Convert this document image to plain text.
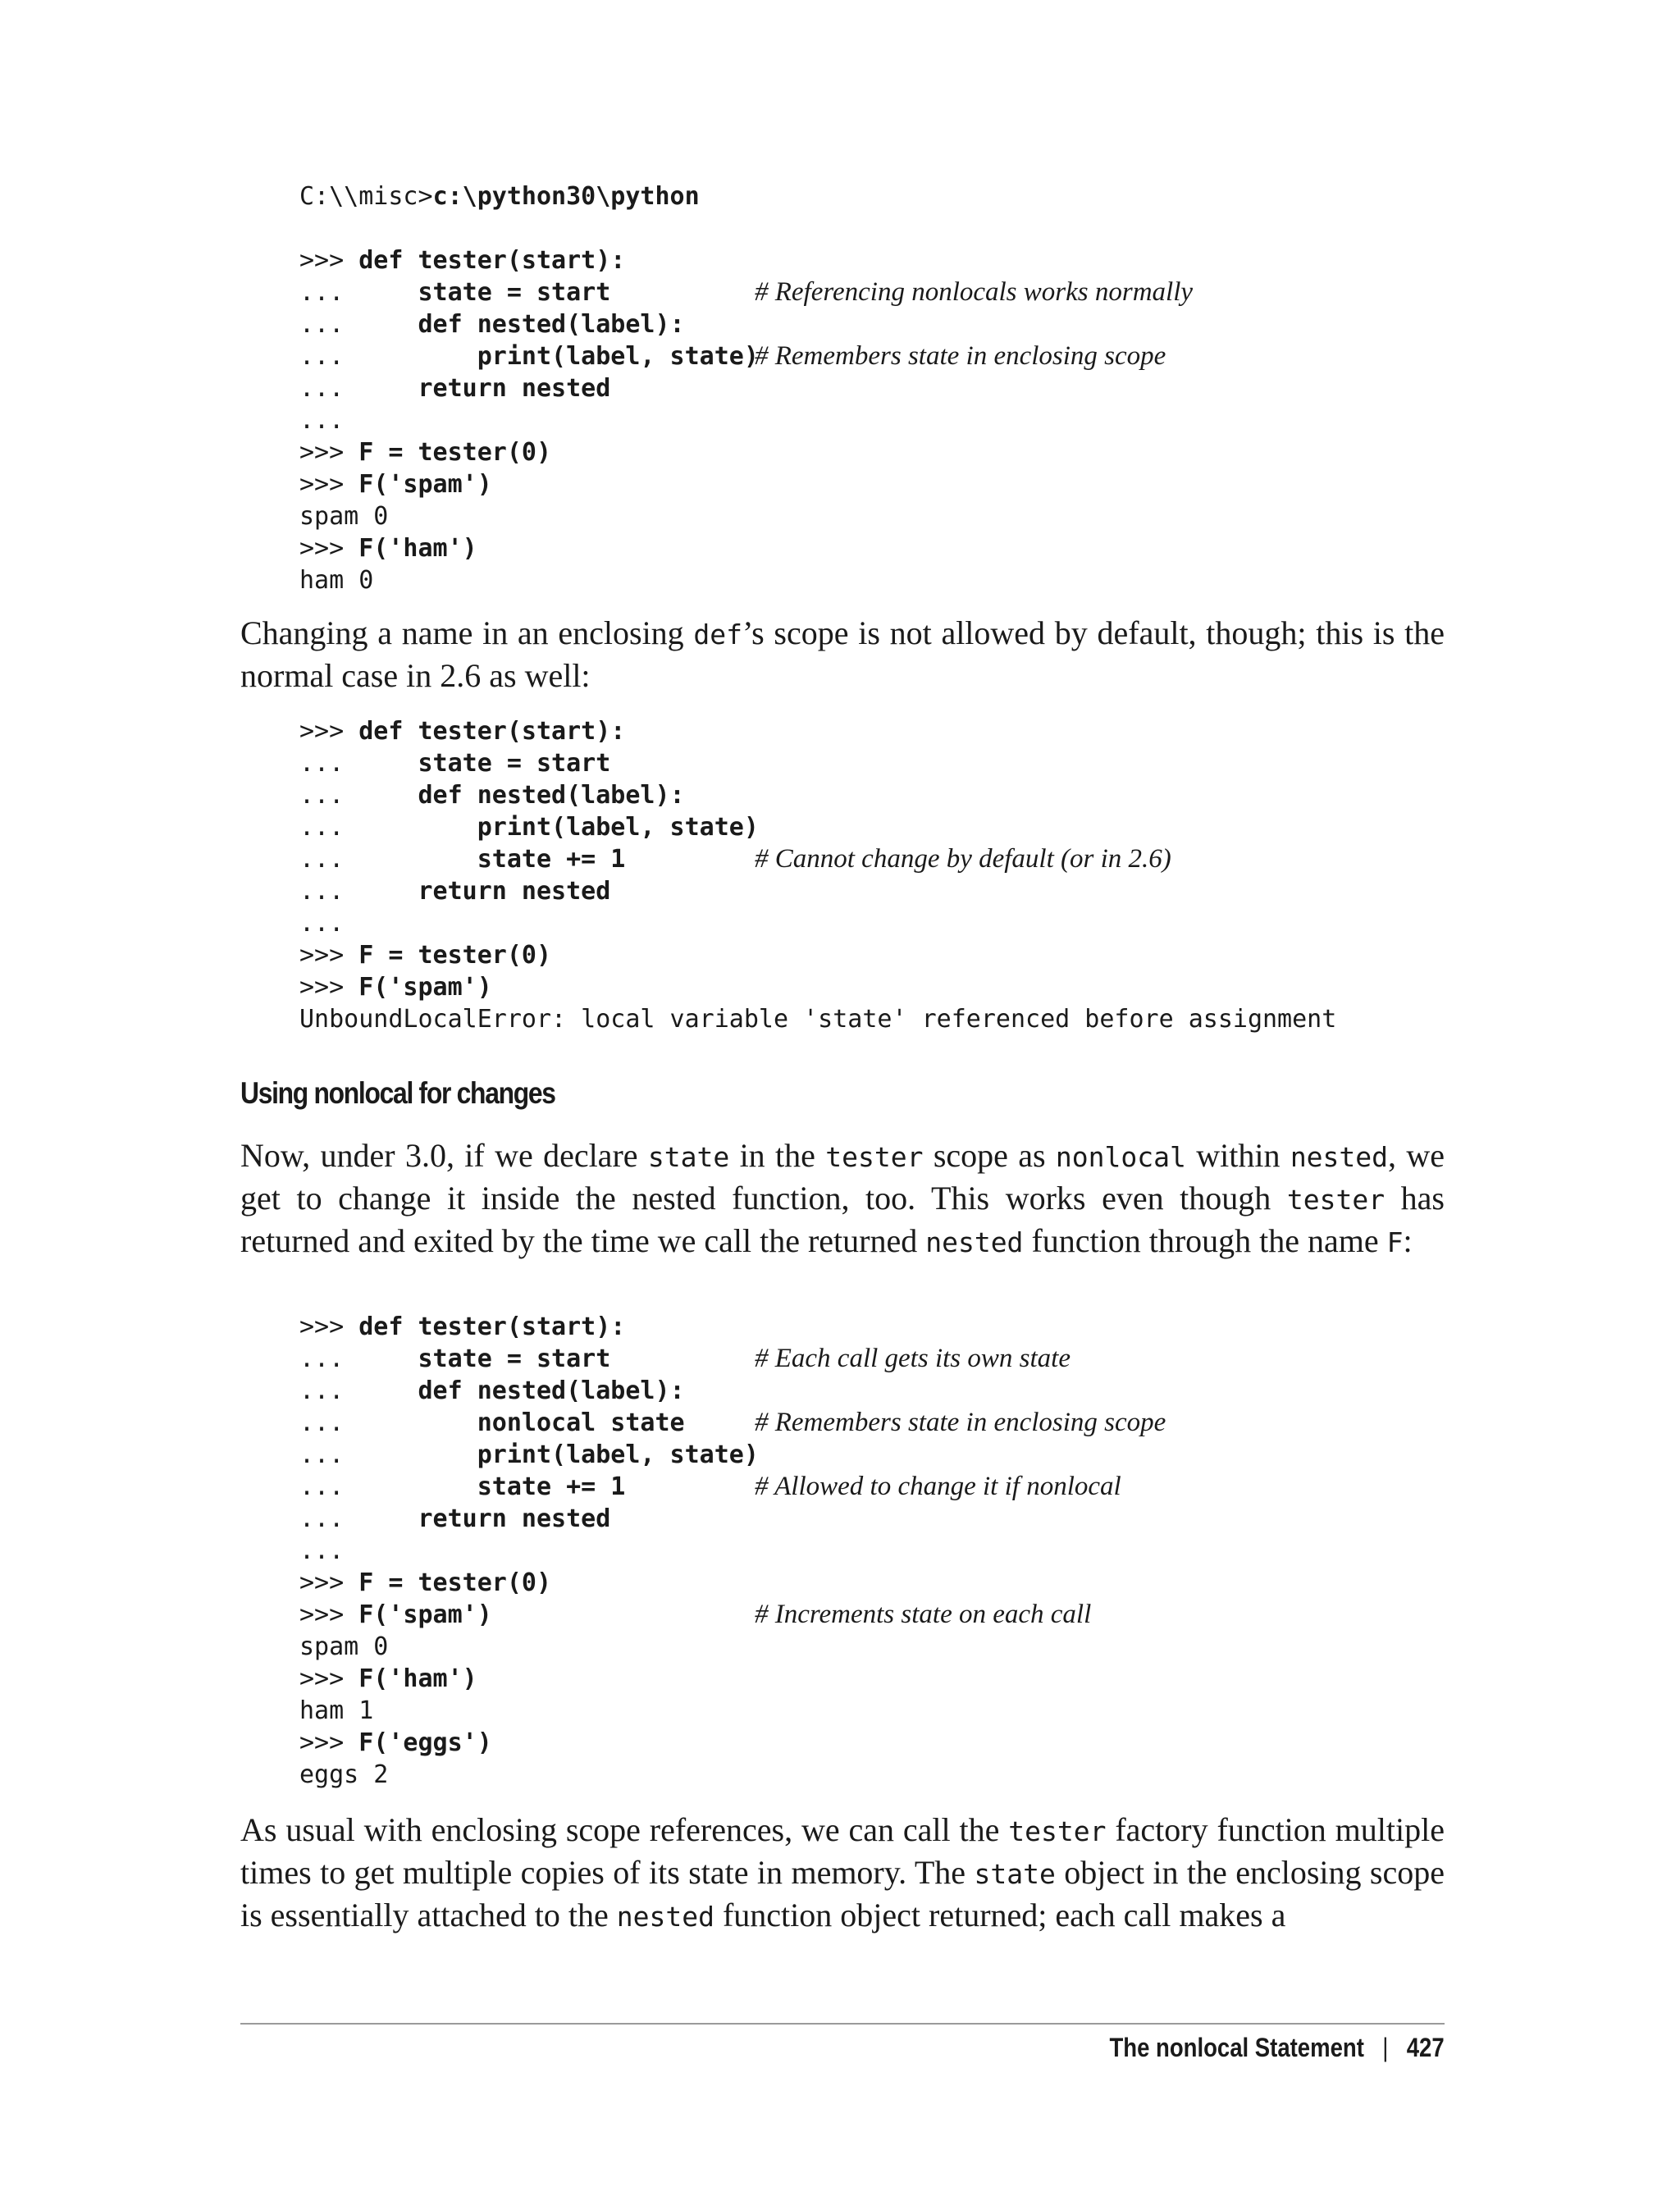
C:\\misc>c:\python30\python
>>> def tester(start):
...     state = start	# Referencing nonlocals works normally
...     def nested(label):
...         print(label, state)
# Remembers state in enclosing scope
...     return nested
...
>>> F = tester(0)
>>> F('spam')
spam 0
>>> F('ham')
ham 0

Changing a name in an enclosing def’s scope is not allowed by default, though; this is the normal case in 2.6 as well:

>>> def tester(start):
...     state = start
...     def nested(label):
...         print(label, state)
...         state += 1	# Cannot change by default (or in 2.6)
...     return nested
...
>>> F = tester(0)
>>> F('spam')
UnboundLocalError: local variable 'state' referenced before assignment
Using nonlocal for changes

Now, under 3.0, if we declare state in the tester scope as nonlocal within nested, we get to change it inside the nested function, too. This works even though tester has returned and exited by the time we call the returned nested function through the name F:

>>> def tester(start):
...     state = start	# Each call gets its own state
...     def nested(label):
...         nonlocal state	# Remembers state in enclosing scope
...         print(label, state)
...         state += 1	# Allowed to change it if nonlocal
...     return nested
...
>>> F = tester(0)
>>> F('spam')	# Increments state on each call
spam 0
>>> F('ham')
ham 1
>>> F('eggs')
eggs 2

As usual with enclosing scope references, we can call the tester factory function multiple times to get multiple copies of its state in memory. The state object in the enclosing scope is essentially attached to the nested function object returned; each call makes a

The nonlocal Statement | 427
